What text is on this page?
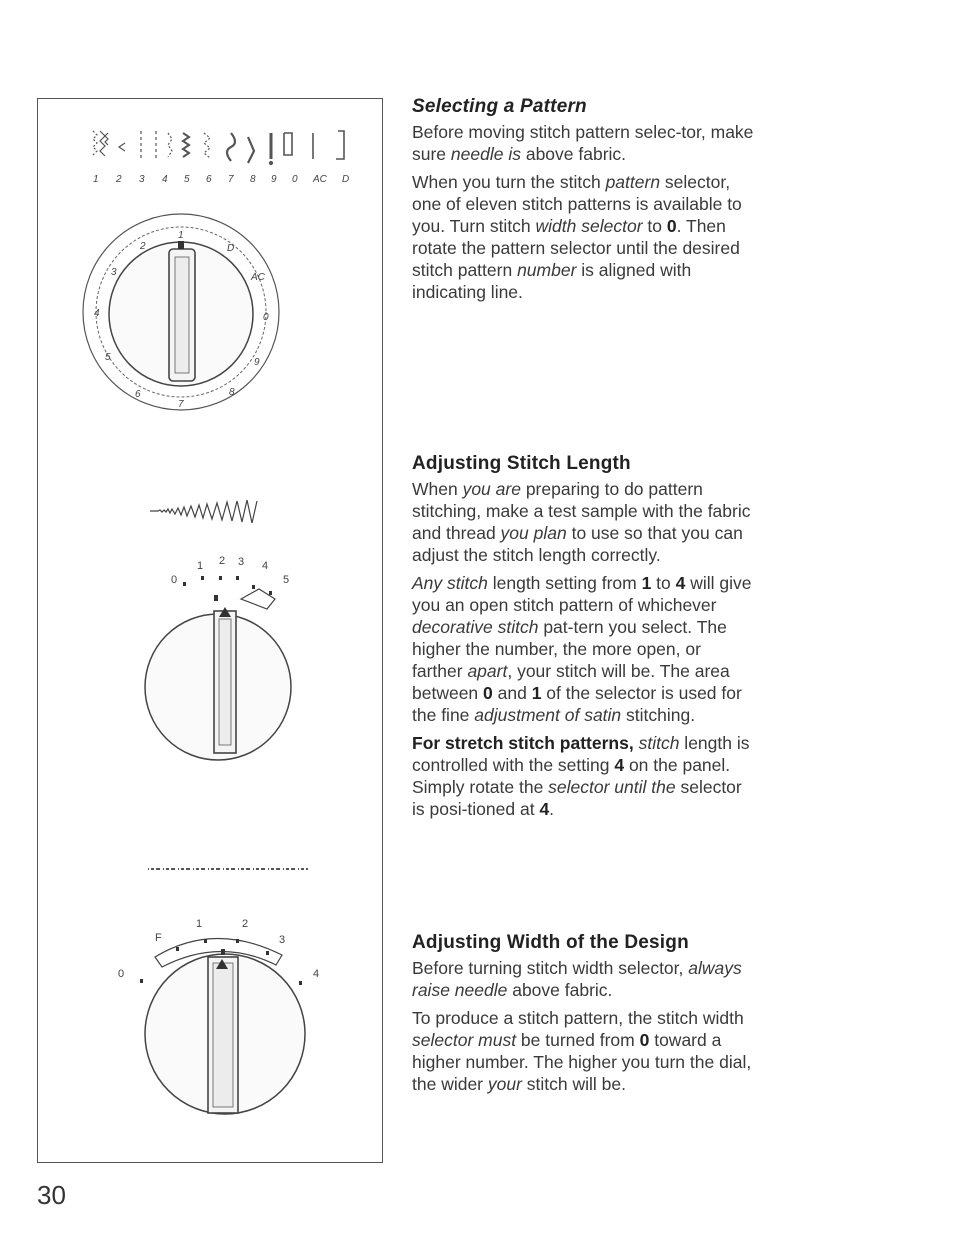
1 2 3 4 5 6 7 8 9 0 AC D
1
2
3
4
5
6
7
8
9
0
AC
D
0
1 2 3 4
5
0
F
1	2
3
4
Selecting a Pattern

Before moving stitch pattern selec-tor, make sure needle is above fabric.

When you turn the stitch pattern selector, one of eleven stitch patterns is available to you. Turn stitch width selector to 0. Then rotate the pattern selector until the desired stitch pattern number is aligned with indicating line.

Adjusting Stitch Length

When you are preparing to do pattern stitching, make a test sample with the fabric and thread you plan to use so that you can adjust the stitch length correctly.

Any stitch length setting from 1 to 4 will give you an open stitch pattern of whichever decorative stitch pat-tern you select. The higher the number, the more open, or farther apart, your stitch will be. The area between 0 and 1 of the selector is used for the fine adjustment of satin stitching.

For stretch stitch patterns, stitch length is controlled with the setting 4 on the panel. Simply rotate the selector until the selector is posi-tioned at 4.

Adjusting Width of the Design

Before turning stitch width selector, always raise needle above fabric.

To produce a stitch pattern, the stitch width selector must be turned from 0 toward a higher number. The higher you turn the dial, the wider your stitch will be.

30
